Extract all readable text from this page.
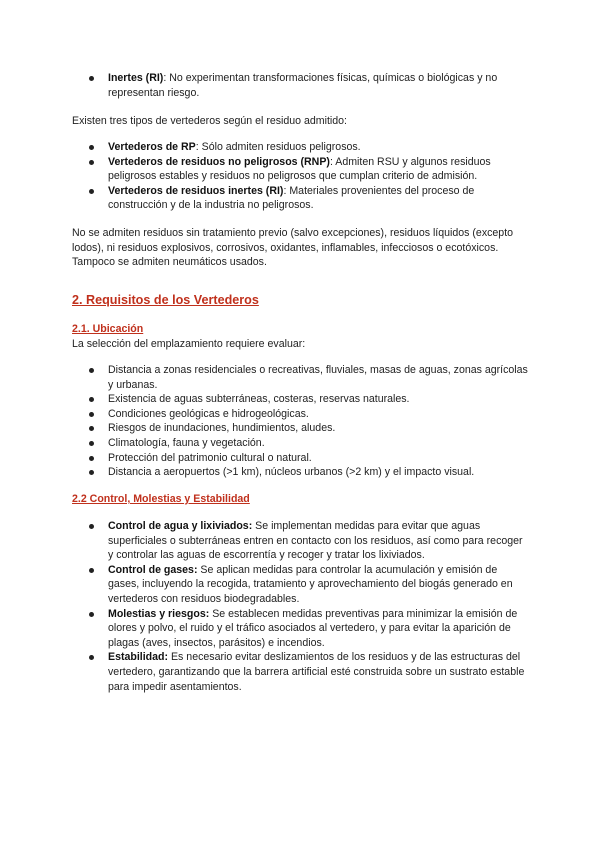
Inertes (RI): No experimentan transformaciones físicas, químicas o biológicas y no representan riesgo.

Existen tres tipos de vertederos según el residuo admitido:

Vertederos de RP: Sólo admiten residuos peligrosos.
Vertederos de residuos no peligrosos (RNP): Admiten RSU y algunos residuos peligrosos estables y residuos no peligrosos que cumplan criterio de admisión.
Vertederos de residuos inertes (RI): Materiales provenientes del proceso de construcción y de la industria no peligrosos.

No se admiten residuos sin tratamiento previo (salvo excepciones), residuos líquidos (excepto lodos), ni residuos explosivos, corrosivos, oxidantes, inflamables, infecciosos o ecotóxicos. Tampoco se admiten neumáticos usados.

2. Requisitos de los Vertederos
2.1. Ubicación

La selección del emplazamiento requiere evaluar:

Distancia a zonas residenciales o recreativas, fluviales, masas de aguas, zonas agrícolas y urbanas.
Existencia de aguas subterráneas, costeras, reservas naturales.
Condiciones geológicas e hidrogeológicas.
Riesgos de inundaciones, hundimientos, aludes.
Climatología, fauna y vegetación.
Protección del patrimonio cultural o natural.
Distancia a aeropuertos (>1 km), núcleos urbanos (>2 km) y el impacto visual.
2.2 Control, Molestias y Estabilidad
Control de agua y lixiviados: Se implementan medidas para evitar que aguas superficiales o subterráneas entren en contacto con los residuos, así como para recoger y controlar las aguas de escorrentía y recoger y tratar los lixiviados.
Control de gases: Se aplican medidas para controlar la acumulación y emisión de gases, incluyendo la recogida, tratamiento y aprovechamiento del biogás generado en vertederos con residuos biodegradables.
Molestias y riesgos: Se establecen medidas preventivas para minimizar la emisión de olores y polvo, el ruido y el tráfico asociados al vertedero, y para evitar la aparición de plagas (aves, insectos, parásitos) e incendios.
Estabilidad: Es necesario evitar deslizamientos de los residuos y de las estructuras del vertedero, garantizando que la barrera artificial esté construida sobre un sustrato estable para impedir asentamientos.
